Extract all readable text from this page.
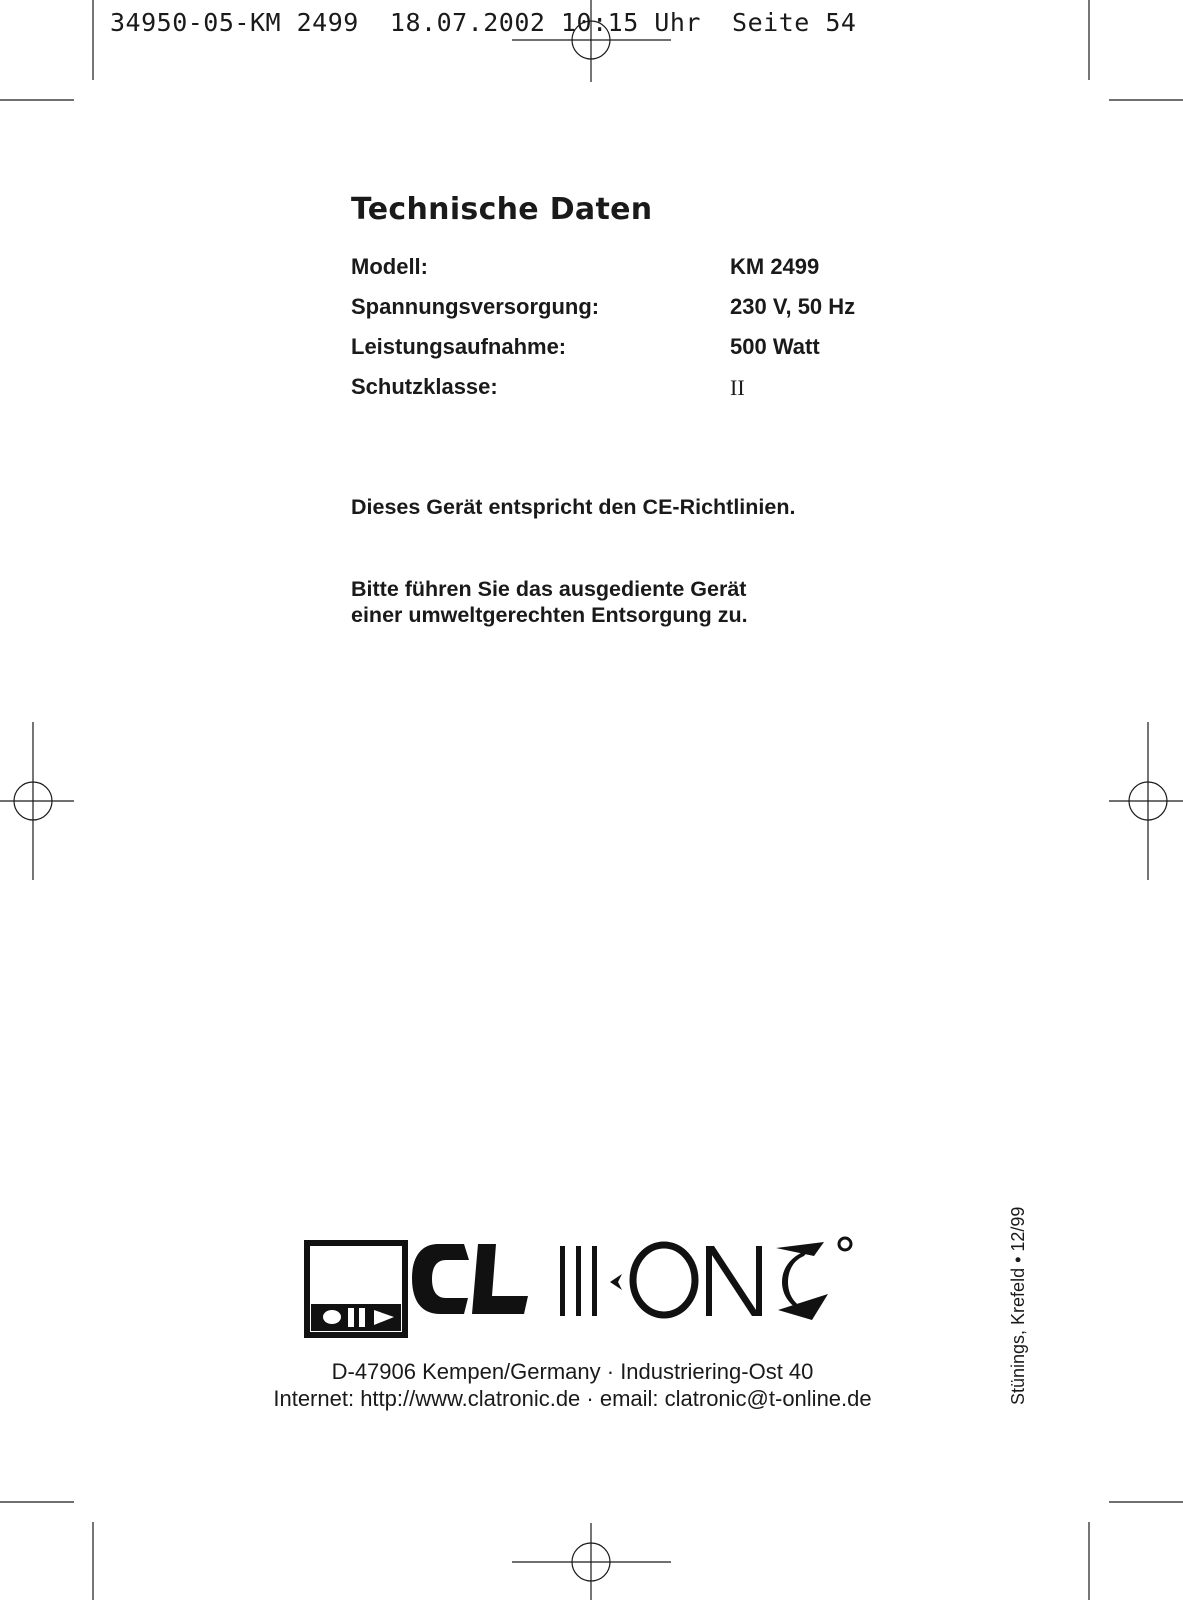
34950-05-KM 2499  18.07.2002 10:15 Uhr  Seite 54
Technische Daten
Modell:	KM 2499
Spannungsversorgung:	230 V, 50 Hz
Leistungsaufnahme:	500 Watt
Schutzklasse:	II
Dieses Gerät entspricht den CE-Richtlinien.
Bitte führen Sie das ausgediente Gerät
einer umweltgerechten Entsorgung zu.
D-47906 Kempen/Germany · Industriering-Ost 40
Internet: http://www.clatronic.de · email: clatronic@t-online.de	Stünings, Krefeld • 12/99
